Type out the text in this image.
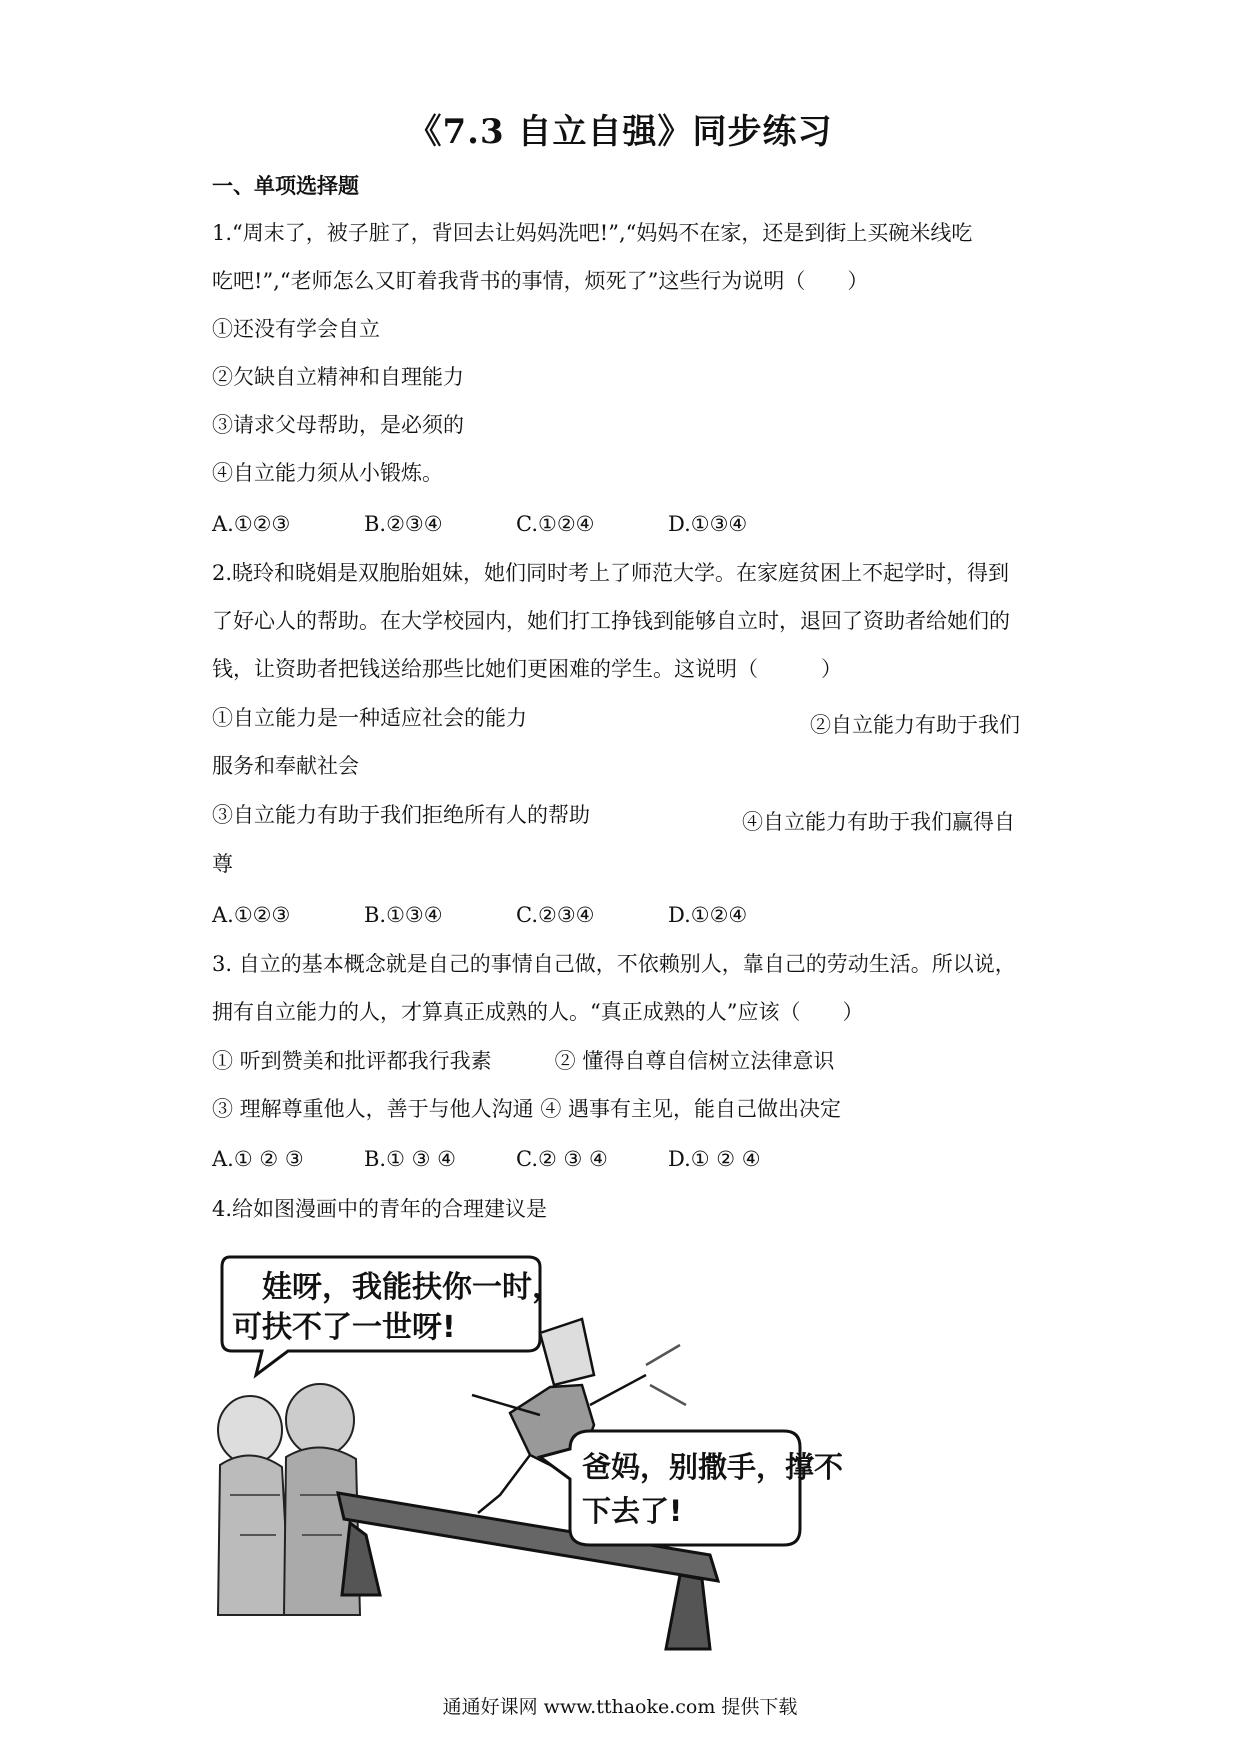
《7.3 自立自强》同步练习
一、单项选择题
1.“周末了，被子脏了，背回去让妈妈洗吧!”,“妈妈不在家，还是到街上买碗米线吃
吃吧!”,“老师怎么又盯着我背书的事情，烦死了”这些行为说明（　　）
①还没有学会自立
②欠缺自立精神和自理能力
③请求父母帮助，是必须的
④自立能力须从小锻炼。
A.①②③	B.②③④	C.①②④	D.①③④
2.晓玲和晓娟是双胞胎姐妹，她们同时考上了师范大学。在家庭贫困上不起学时，得到
了好心人的帮助。在大学校园内，她们打工挣钱到能够自立时，退回了资助者给她们的
钱，让资助者把钱送给那些比她们更困难的学生。这说明（　　　）
①自立能力是一种适应社会的能力	②自立能力有助于我们
服务和奉献社会
③自立能力有助于我们拒绝所有人的帮助	④自立能力有助于我们赢得自
尊
A.①②③	B.①③④	C.②③④	D.①②④
3. 自立的基本概念就是自己的事情自己做，不依赖别人，靠自己的劳动生活。所以说，
拥有自立能力的人，才算真正成熟的人。“真正成熟的人”应该（　　）
① 听到赞美和批评都我行我素　　　② 懂得自尊自信树立法律意识
③ 理解尊重他人，善于与他人沟通 ④ 遇事有主见，能自己做出决定
A.① ② ③	B.① ③ ④	C.② ③ ④	D.① ② ④
4.给如图漫画中的青年的合理建议是
娃呀，我能扶你一时，
可扶不了一世呀!
爸妈，别撒手，撑不
下去了!
通通好课网 www.tthaoke.com 提供下载
